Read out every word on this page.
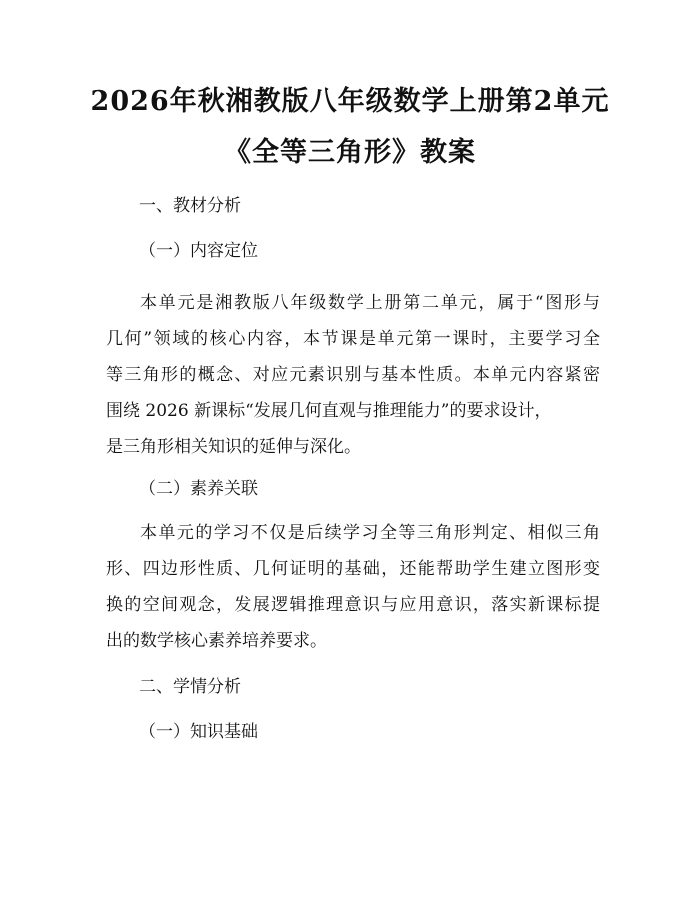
2026年秋湘教版八年级数学上册第2单元
《全等三角形》教案

一、教材分析

（一）内容定位

本单元是湘教版八年级数学上册第二单元，属于“图形与
几何”领域的核心内容，本节课是单元第一课时，主要学习全
等三角形的概念、对应元素识别与基本性质。本单元内容紧密
围绕 2026 新课标“发展几何直观与推理能力”的要求设计，
是三角形相关知识的延伸与深化。

（二）素养关联

本单元的学习不仅是后续学习全等三角形判定、相似三角
形、四边形性质、几何证明的基础，还能帮助学生建立图形变
换的空间观念，发展逻辑推理意识与应用意识，落实新课标提
出的数学核心素养培养要求。

二、学情分析

（一）知识基础
